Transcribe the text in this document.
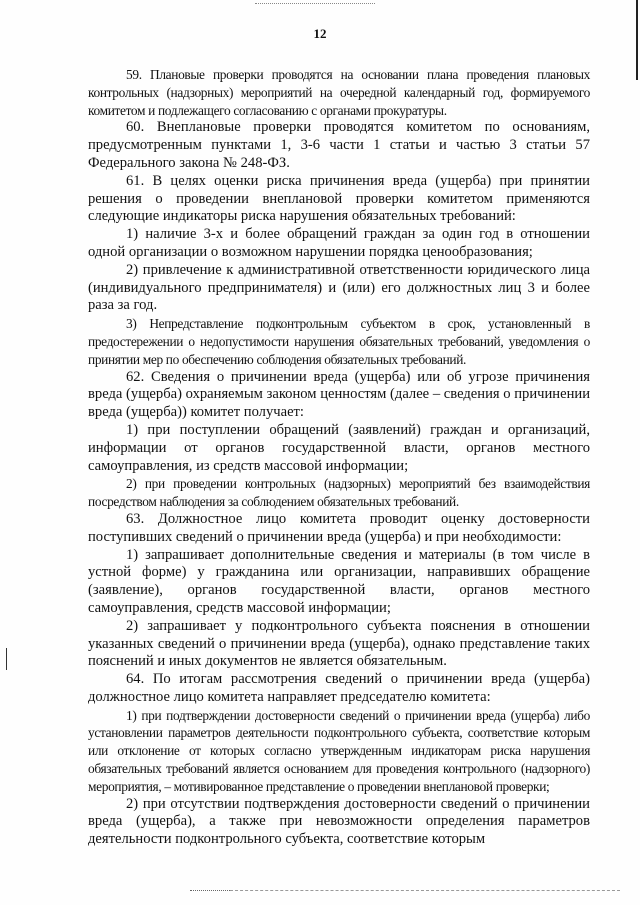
12

59. Плановые проверки проводятся на основании плана проведения плановых контрольных (надзорных) мероприятий на очередной календарный год, формируемого комитетом и подлежащего согласованию с органами прокуратуры.

60. Внеплановые проверки проводятся комитетом по основаниям, предусмотренным пунктами 1, 3-6 части 1 статьи и частью 3 статьи 57 Федерального закона № 248-ФЗ.

61. В целях оценки риска причинения вреда (ущерба) при принятии решения о проведении внеплановой проверки комитетом применяются следующие индикаторы риска нарушения обязательных требований:

1) наличие 3-х и более обращений граждан за один год в отношении одной организации о возможном нарушении порядка ценообразования;

2) привлечение к административной ответственности юридического лица (индивидуального предпринимателя) и (или) его должностных лиц 3 и более раза за год.

3) Непредставление подконтрольным субъектом в срок, установленный в предостережении о недопустимости нарушения обязательных требований, уведомления о принятии мер по обеспечению соблюдения обязательных требований.

62. Сведения о причинении вреда (ущерба) или об угрозе причинения вреда (ущерба) охраняемым законом ценностям (далее – сведения о причинении вреда (ущерба)) комитет получает:

1) при поступлении обращений (заявлений) граждан и организаций, информации от органов государственной власти, органов местного самоуправления, из средств массовой информации;

2) при проведении контрольных (надзорных) мероприятий без взаимодействия посредством наблюдения за соблюдением обязательных требований.

63. Должностное лицо комитета проводит оценку достоверности поступивших сведений о причинении вреда (ущерба) и при необходимости:

1) запрашивает дополнительные сведения и материалы (в том числе в устной форме) у гражданина или организации, направивших обращение (заявление), органов государственной власти, органов местного самоуправления, средств массовой информации;

2) запрашивает у подконтрольного субъекта пояснения в отношении указанных сведений о причинении вреда (ущерба), однако представление таких пояснений и иных документов не является обязательным.

64. По итогам рассмотрения сведений о причинении вреда (ущерба) должностное лицо комитета направляет председателю комитета:

1) при подтверждении достоверности сведений о причинении вреда (ущерба) либо установлении параметров деятельности подконтрольного субъекта, соответствие которым или отклонение от которых согласно утвержденным индикаторам риска нарушения обязательных требований является основанием для проведения контрольного (надзорного) мероприятия, – мотивированное представление о проведении внеплановой проверки;

2) при отсутствии подтверждения достоверности сведений о причинении вреда (ущерба), а также при невозможности определения параметров деятельности подконтрольного субъекта, соответствие которым
